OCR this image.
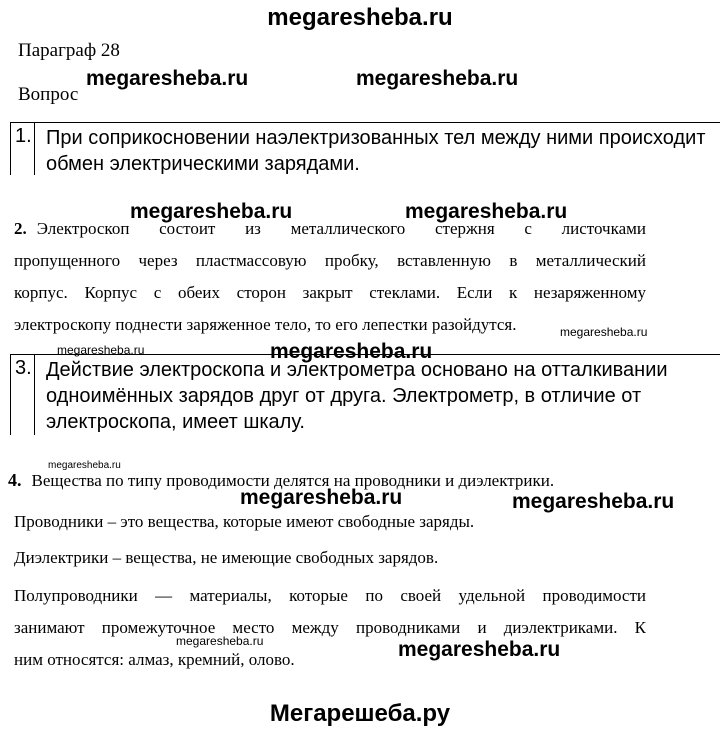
megaresheba.ru
Параграф 28
Вопрос
1. При соприкосновении наэлектризованных тел между ними происходит
обмен электрическими зарядами.
2. Электроскоп состоит из металлического стержня с листочками
пропущенного через пластмассовую пробку, вставленную в металлический
корпус. Корпус с обеих сторон закрыт стеклами. Если к незаряженному
электроскопу поднести заряженное тело, то его лепестки разойдутся.
3. Действие электроскопа и электрометра основано на отталкивании
одноимённых зарядов друг от друга. Электрометр, в отличие от
электроскопа, имеет шкалу.
4. Вещества по типу проводимости делятся на проводники и диэлектрики.
Проводники – это вещества, которые имеют свободные заряды.
Диэлектрики – вещества, не имеющие свободных зарядов.
Полупроводники — материалы, которые по своей удельной проводимости
занимают промежуточное место между проводниками и диэлектриками. К
ним относятся: алмаз, кремний, олово.
megaresheba.ru	megaresheba.ru
megaresheba.ru	megaresheba.ru
megaresheba.ru	megaresheba.ru
megaresheba.ru
megaresheba.ru
megaresheba.ru	megaresheba.ru
megaresheba.ru	megaresheba.ru
Мегарешеба.ру
